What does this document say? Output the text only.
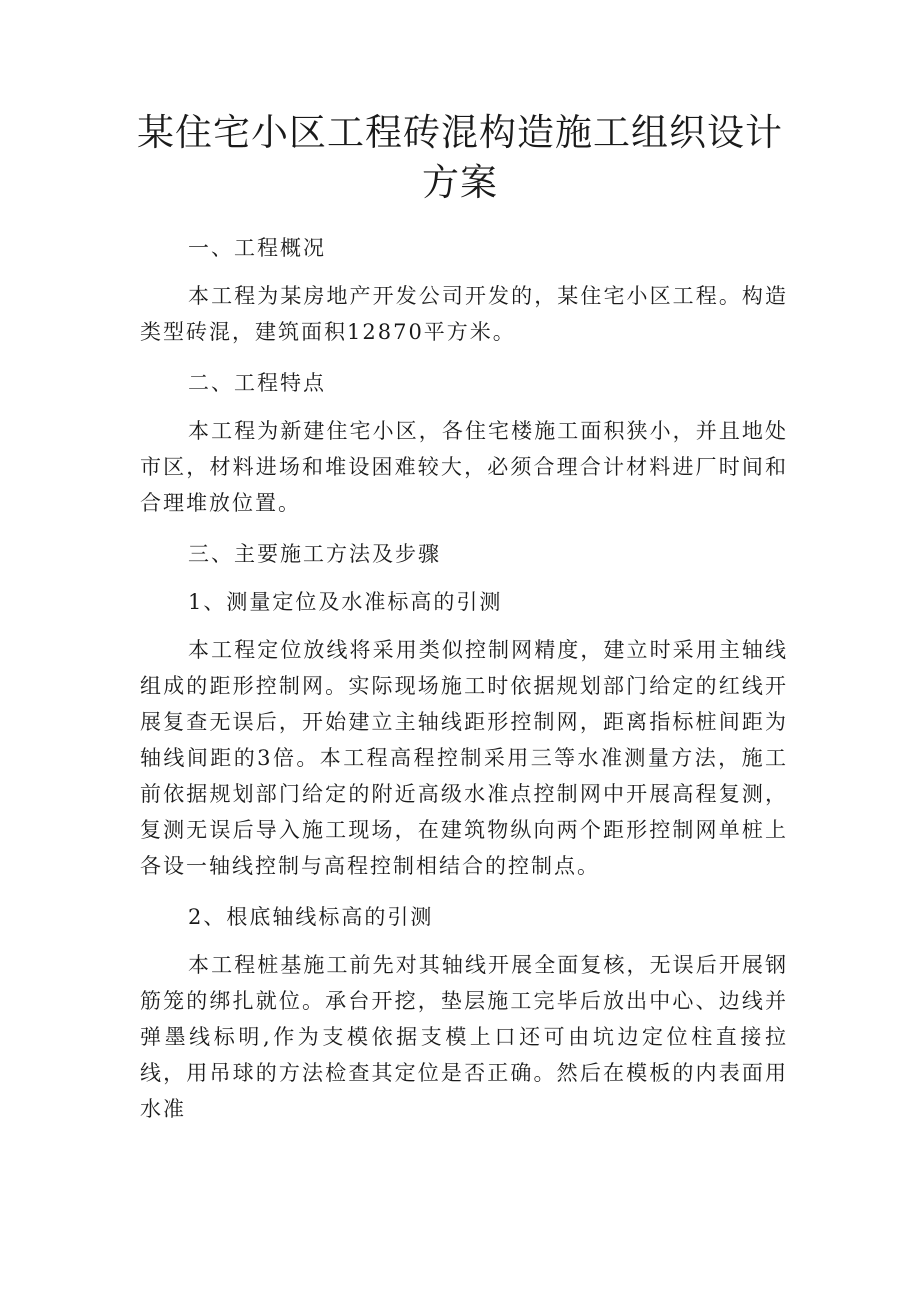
某住宅小区工程砖混构造施工组织设计方案

一、工程概况

本工程为某房地产开发公司开发的，某住宅小区工程。构造类型砖混，建筑面积12870平方米。

二、工程特点

本工程为新建住宅小区，各住宅楼施工面积狭小，并且地处市区，材料进场和堆设困难较大，必须合理合计材料进厂时间和合理堆放位置。

三、主要施工方法及步骤

1、测量定位及水准标高的引测

本工程定位放线将采用类似控制网精度，建立时采用主轴线组成的距形控制网。实际现场施工时依据规划部门给定的红线开展复查无误后，开始建立主轴线距形控制网，距离指标桩间距为轴线间距的3倍。本工程高程控制采用三等水准测量方法，施工前依据规划部门给定的附近高级水准点控制网中开展高程复测，复测无误后导入施工现场，在建筑物纵向两个距形控制网单桩上各设一轴线控制与高程控制相结合的控制点。

2、根底轴线标高的引测

本工程桩基施工前先对其轴线开展全面复核，无误后开展钢筋笼的绑扎就位。承台开挖，垫层施工完毕后放出中心、边线并弹墨线标明,作为支模依据支模上口还可由坑边定位柱直接拉线，用吊球的方法检查其定位是否正确。然后在模板的内表面用水准
